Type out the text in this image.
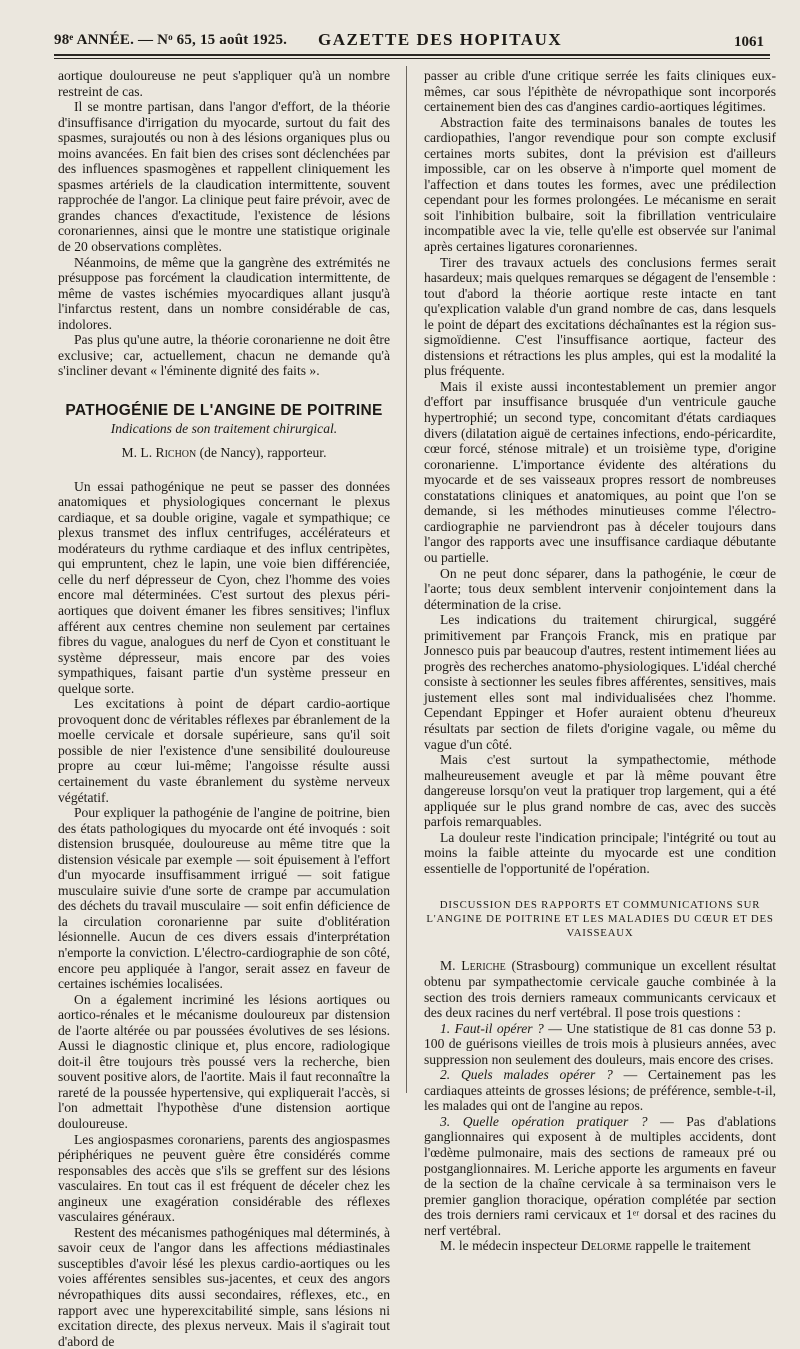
98ᵉ ANNÉE. — Nᵒ 65, 15 août 1925. GAZETTE DES HOPITAUX	1061

aortique douloureuse ne peut s'appliquer qu'à un nombre restreint de cas.

Il se montre partisan, dans l'angor d'effort, de la théorie d'insuffisance d'irrigation du myocarde, surtout du fait des spasmes, surajoutés ou non à des lésions organiques plus ou moins avancées. En fait bien des crises sont déclenchées par des influences spasmogènes et rappellent cliniquement les spasmes artériels de la claudication intermittente, souvent rapprochée de l'angor. La clinique peut faire prévoir, avec de grandes chances d'exactitude, l'existence de lésions coronariennes, ainsi que le montre une statistique originale de 20 observations complètes.

Néanmoins, de même que la gangrène des extrémités ne présuppose pas forcément la claudication intermittente, de même de vastes ischémies myocardiques allant jusqu'à l'infarctus restent, dans un nombre considérable de cas, indolores.

Pas plus qu'une autre, la théorie coronarienne ne doit être exclusive; car, actuellement, chacun ne demande qu'à s'incliner devant « l'éminente dignité des faits ».

PATHOGÉNIE DE L'ANGINE DE POITRINE

Indications de son traitement chirurgical.

M. L. Richon (de Nancy), rapporteur.

Un essai pathogénique ne peut se passer des données anatomiques et physiologiques concernant le plexus cardiaque, et sa double origine, vagale et sympathique; ce plexus transmet des influx centrifuges, accélérateurs et modérateurs du rythme cardiaque et des influx centripètes, qui empruntent, chez le lapin, une voie bien différenciée, celle du nerf dépresseur de Cyon, chez l'homme des voies encore mal déterminées. C'est surtout des plexus péri-aortiques que doivent émaner les fibres sensitives; l'influx afférent aux centres chemine non seulement par certaines fibres du vague, analogues du nerf de Cyon et constituant le système dépresseur, mais encore par des voies sympathiques, faisant partie d'un système presseur en quelque sorte.

Les excitations à point de départ cardio-aortique provoquent donc de véritables réflexes par ébranlement de la moelle cervicale et dorsale supérieure, sans qu'il soit possible de nier l'existence d'une sensibilité douloureuse propre au cœur lui-même; l'angoisse résulte aussi certainement du vaste ébranlement du système nerveux végétatif.

Pour expliquer la pathogénie de l'angine de poitrine, bien des états pathologiques du myocarde ont été invoqués : soit distension brusquée, douloureuse au même titre que la distension vésicale par exemple — soit épuisement à l'effort d'un myocarde insuffisamment irrigué — soit fatigue musculaire suivie d'une sorte de crampe par accumulation des déchets du travail musculaire — soit enfin déficience de la circulation coronarienne par suite d'oblitération lésionnelle. Aucun de ces divers essais d'interprétation n'emporte la conviction. L'électro-cardiographie de son côté, encore peu appliquée à l'angor, serait assez en faveur de certaines ischémies localisées.

On a également incriminé les lésions aortiques ou aortico-rénales et le mécanisme douloureux par distension de l'aorte altérée ou par poussées évolutives de ses lésions. Aussi le diagnostic clinique et, plus encore, radiologique doit-il être toujours très poussé vers la recherche, bien souvent positive alors, de l'aortite. Mais il faut reconnaître la rareté de la poussée hypertensive, qui expliquerait l'accès, si l'on admettait l'hypothèse d'une distension aortique douloureuse.

Les angiospasmes coronariens, parents des angiospasmes périphériques ne peuvent guère être considérés comme responsables des accès que s'ils se greffent sur des lésions vasculaires. En tout cas il est fréquent de déceler chez les angineux une exagération considérable des réflexes vasculaires généraux.

Restent des mécanismes pathogéniques mal déterminés, à savoir ceux de l'angor dans les affections médiastinales susceptibles d'avoir lésé les plexus cardio-aortiques ou les voies afférentes sensibles sus-jacentes, et ceux des angors névropathiques dits aussi secondaires, réflexes, etc., en rapport avec une hyperexcitabilité simple, sans lésions ni excitation directe, des plexus nerveux. Mais il s'agirait tout d'abord de

passer au crible d'une critique serrée les faits cliniques eux-mêmes, car sous l'épithète de névropathique sont incorporés certainement bien des cas d'angines cardio-aortiques légitimes.

Abstraction faite des terminaisons banales de toutes les cardiopathies, l'angor revendique pour son compte exclusif certaines morts subites, dont la prévision est d'ailleurs impossible, car on les observe à n'importe quel moment de l'affection et dans toutes les formes, avec une prédilection cependant pour les formes prolongées. Le mécanisme en serait soit l'inhibition bulbaire, soit la fibrillation ventriculaire incompatible avec la vie, telle qu'elle est observée sur l'animal après certaines ligatures coronariennes.

Tirer des travaux actuels des conclusions fermes serait hasardeux; mais quelques remarques se dégagent de l'ensemble : tout d'abord la théorie aortique reste intacte en tant qu'explication valable d'un grand nombre de cas, dans lesquels le point de départ des excitations déchaînantes est la région sus-sigmoïdienne. C'est l'insuffisance aortique, facteur des distensions et rétractions les plus amples, qui est la modalité la plus fréquente.

Mais il existe aussi incontestablement un premier angor d'effort par insuffisance brusquée d'un ventricule gauche hypertrophié; un second type, concomitant d'états cardiaques divers (dilatation aiguë de certaines infections, endo-péricardite, cœur forcé, sténose mitrale) et un troisième type, d'origine coronarienne. L'importance évidente des altérations du myocarde et de ses vaisseaux propres ressort de nombreuses constatations cliniques et anatomiques, au point que l'on se demande, si les méthodes minutieuses comme l'électro-cardiographie ne parviendront pas à déceler toujours dans l'angor des rapports avec une insuffisance cardiaque débutante ou partielle.

On ne peut donc séparer, dans la pathogénie, le cœur de l'aorte; tous deux semblent intervenir conjointement dans la détermination de la crise.

Les indications du traitement chirurgical, suggéré primitivement par François Franck, mis en pratique par Jonnesco puis par beaucoup d'autres, restent intimement liées au progrès des recherches anatomo-physiologiques. L'idéal cherché consiste à sectionner les seules fibres afférentes, sensitives, mais justement elles sont mal individualisées chez l'homme. Cependant Eppinger et Hofer auraient obtenu d'heureux résultats par section de filets d'origine vagale, ou même du vague d'un côté.

Mais c'est surtout la sympathectomie, méthode malheureusement aveugle et par là même pouvant être dangereuse lorsqu'on veut la pratiquer trop largement, qui a été appliquée sur le plus grand nombre de cas, avec des succès parfois remarquables.

La douleur reste l'indication principale; l'intégrité ou tout au moins la faible atteinte du myocarde est une condition essentielle de l'opportunité de l'opération.

DISCUSSION DES RAPPORTS ET COMMUNICATIONS SUR L'ANGINE DE POITRINE ET LES MALADIES DU CŒUR ET DES VAISSEAUX

M. Leriche (Strasbourg) communique un excellent résultat obtenu par sympathectomie cervicale gauche combinée à la section des trois derniers rameaux communicants cervicaux et des deux racines du nerf vertébral. Il pose trois questions :

1. Faut-il opérer ? — Une statistique de 81 cas donne 53 p. 100 de guérisons vieilles de trois mois à plusieurs années, avec suppression non seulement des douleurs, mais encore des crises.

2. Quels malades opérer ? — Certainement pas les cardiaques atteints de grosses lésions; de préférence, semble-t-il, les malades qui ont de l'angine au repos.

3. Quelle opération pratiquer ? — Pas d'ablations ganglionnaires qui exposent à de multiples accidents, dont l'œdème pulmonaire, mais des sections de rameaux pré ou postganglionnaires. M. Leriche apporte les arguments en faveur de la section de la chaîne cervicale à sa terminaison vers le premier ganglion thoracique, opération complétée par section des trois derniers rami cervicaux et 1ᵉʳ dorsal et des racines du nerf vertébral.

M. le médecin inspecteur Delorme rappelle le traitement
